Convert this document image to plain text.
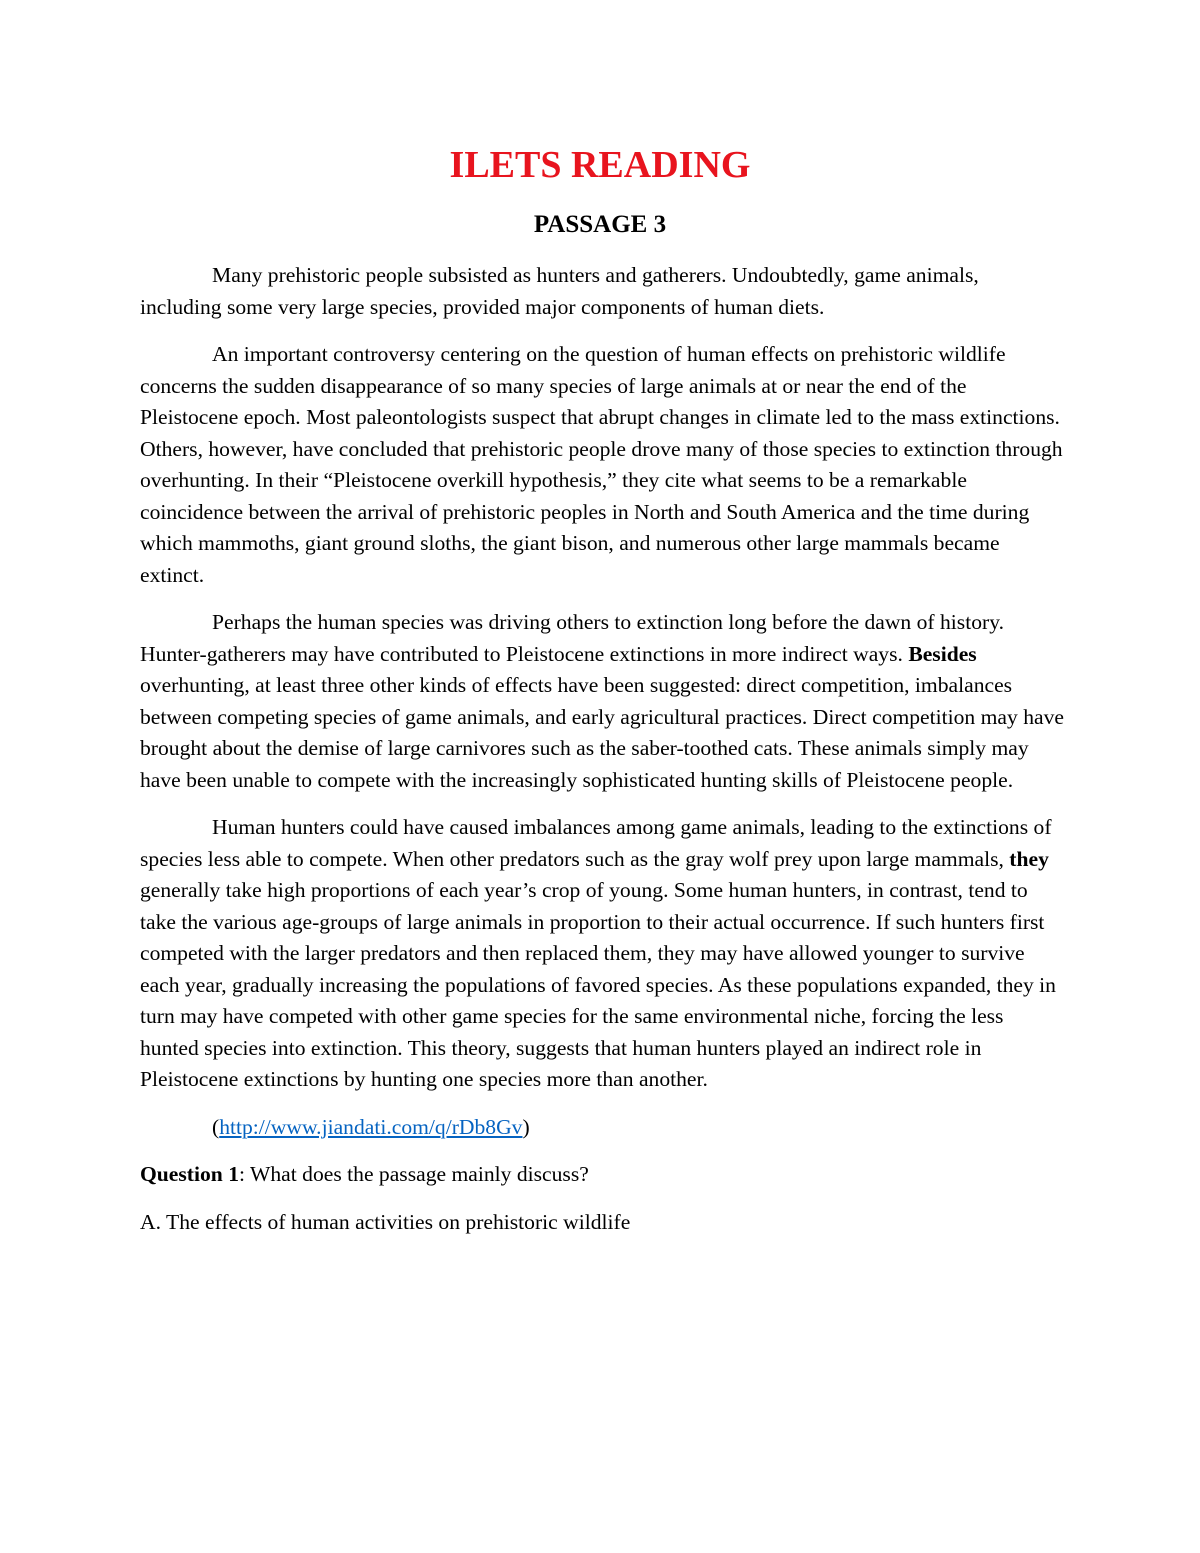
ILETS READING
PASSAGE 3

Many prehistoric people subsisted as hunters and gatherers. Undoubtedly, game animals, including some very large species, provided major components of human diets.

An important controversy centering on the question of human effects on prehistoric wildlife concerns the sudden disappearance of so many species of large animals at or near the end of the Pleistocene epoch. Most paleontologists suspect that abrupt changes in climate led to the mass extinctions. Others, however, have concluded that prehistoric people drove many of those species to extinction through overhunting. In their “Pleistocene overkill hypothesis,” they cite what seems to be a remarkable coincidence between the arrival of prehistoric peoples in North and South America and the time during which mammoths, giant ground sloths, the giant bison, and numerous other large mammals became extinct.

Perhaps the human species was driving others to extinction long before the dawn of history. Hunter-gatherers may have contributed to Pleistocene extinctions in more indirect ways. Besides overhunting, at least three other kinds of effects have been suggested: direct competition, imbalances between competing species of game animals, and early agricultural practices. Direct competition may have brought about the demise of large carnivores such as the saber-toothed cats. These animals simply may have been unable to compete with the increasingly sophisticated hunting skills of Pleistocene people.

Human hunters could have caused imbalances among game animals, leading to the extinctions of species less able to compete. When other predators such as the gray wolf prey upon large mammals, they generally take high proportions of each year’s crop of young. Some human hunters, in contrast, tend to take the various age-groups of large animals in proportion to their actual occurrence. If such hunters first competed with the larger predators and then replaced them, they may have allowed younger to survive each year, gradually increasing the populations of favored species. As these populations expanded, they in turn may have competed with other game species for the same environmental niche, forcing the less hunted species into extinction. This theory, suggests that human hunters played an indirect role in Pleistocene extinctions by hunting one species more than another.

(http://www.jiandati.com/q/rDb8Gv)

Question 1: What does the passage mainly discuss?

A. The effects of human activities on prehistoric wildlife
